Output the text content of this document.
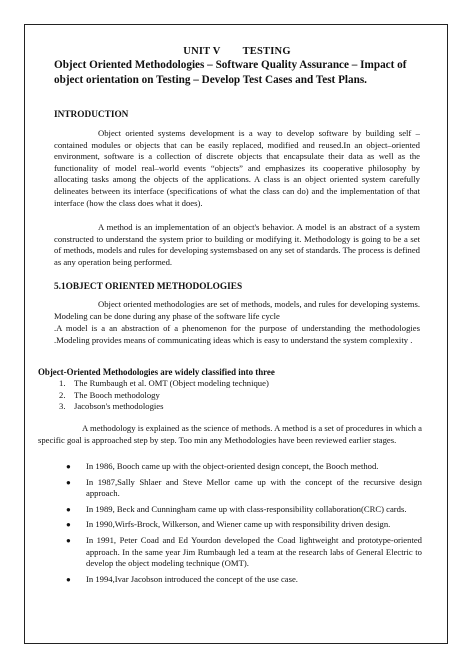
UNIT V TESTING
Object Oriented Methodologies – Software Quality Assurance – Impact of object orientation on Testing – Develop Test Cases and Test Plans.
INTRODUCTION

Object oriented systems development is a way to develop software by building self –contained modules or objects that can be easily replaced, modified and reused.In an object–oriented environment, software is a collection of discrete objects that encapsulate their data as well as the functionality of model real–world events “objects” and emphasizes its cooperative philosophy by allocating tasks among the objects of the applications. A class is an object oriented system carefully delineates between its interface (specifications of what the class can do) and the implementation of that interface (how the class does what it does).

A method is an implementation of an object's behavior. A model is an abstract of a system constructed to understand the system prior to building or modifying it. Methodology is going to be a set of methods, models and rules for developing systemsbased on any set of standards. The process is defined as any operation being performed.

5.1OBJECT ORIENTED METHODOLOGIES

Object oriented methodologies are set of methods, models, and rules for developing systems. Modeling can be done during any phase of the software life cycle

.A model is a an abstraction of a phenomenon for the purpose of understanding the methodologies .Modeling provides means of communicating ideas which is easy to understand the system complexity .

Object-Oriented Methodologies are widely classified into three
1. The Rumbaugh et al. OMT (Object modeling technique)
2. The Booch methodology
3. Jacobson's methodologies

A methodology is explained as the science of methods. A method is a set of procedures in which a specific goal is approached step by step. Too min any Methodologies have been reviewed earlier stages.

● In 1986, Booch came up with the object-oriented design concept, the Booch method.
● In 1987,Sally Shlaer and Steve Mellor came up with the concept of the recursive design approach.
● In 1989, Beck and Cunningham came up with class-responsibility collaboration(CRC) cards.
● In 1990,Wirfs-Brock, Wilkerson, and Wiener came up with responsibility driven design.
● In 1991, Peter Coad and Ed Yourdon developed the Coad lightweight and prototype-oriented approach. In the same year Jim Rumbaugh led a team at the research labs of General Electric to develop the object modeling technique (OMT).
● In 1994,Ivar Jacobson introduced the concept of the use case.
